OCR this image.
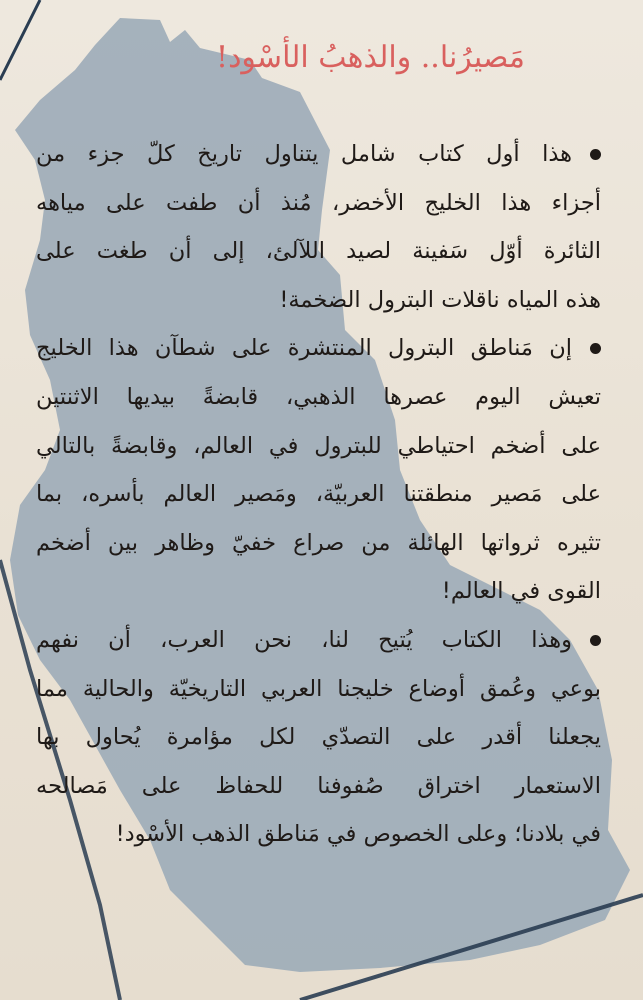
مَصيرُنا.. والذهبُ الأسْود!
هذا أول كتاب شامل يتناول تاريخ كلّ جزء من
أجزاء هذا الخليج الأخضر، مُنذ أن طفت على مياهه
الثائرة أوّل سَفينة لصيد اللآلئ، إلى أن طغت على
هذه المياه ناقلات البترول الضخمة!
إن مَناطق البترول المنتشرة على شطآن هذا الخليج
تعيش اليوم عصرها الذهبي، قابضةً بيديها الاثنتين
على أضخم احتياطي للبترول في العالم، وقابضةً بالتالي
على مَصير منطقتنا العربيّة، ومَصير العالم بأسره، بما
تثيره ثرواتها الهائلة من صراع خفيّ وظاهر بين أضخم
القوى في العالم!
وهذا الكتاب يُتيح لنا، نحن العرب، أن نفهم
بوعي وعُمق أوضاع خليجنا العربي التاريخيّة والحالية مما
يجعلنا أقدر على التصدّي لكل مؤامرة يُحاول بها
الاستعمار اختراق صُفوفنا للحفاظ على مَصالحه
في بلادنا؛ وعلى الخصوص في مَناطق الذهب الأسْود!
